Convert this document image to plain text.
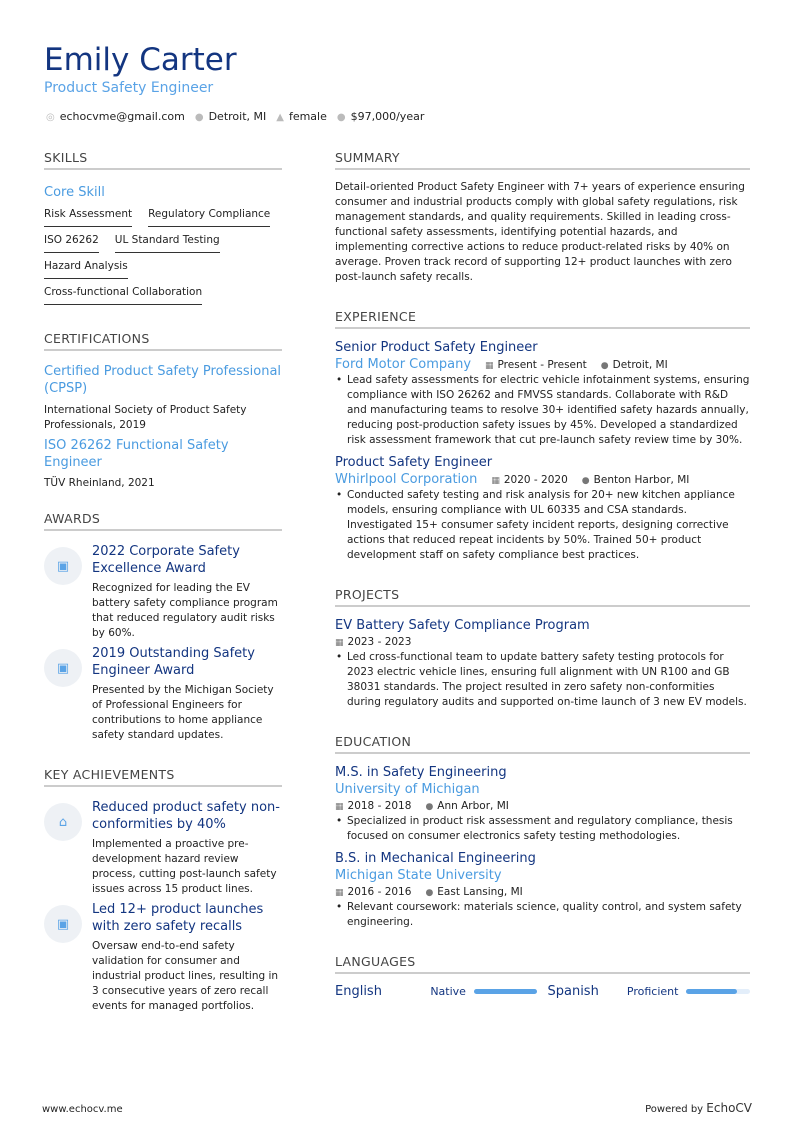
Emily Carter
Product Safety Engineer
◎ echocvme@gmail.com ● Detroit, MI ▲ female ● $97,000/year
SKILLS
Core Skill
Risk Assessment Regulatory Compliance
ISO 26262 UL Standard Testing
Hazard Analysis
Cross-functional Collaboration
CERTIFICATIONS
Certified Product Safety Professional (CPSP)
International Society of Product Safety Professionals, 2019
ISO 26262 Functional Safety Engineer
TÜV Rheinland, 2021
AWARDS
▣
2022 Corporate Safety Excellence Award
Recognized for leading the EV battery safety compliance program that reduced regulatory audit risks by 60%.
▣
2019 Outstanding Safety Engineer Award
Presented by the Michigan Society of Professional Engineers for contributions to home appliance safety standard updates.
KEY ACHIEVEMENTS
⌂
Reduced product safety non-conformities by 40%
Implemented a proactive pre-development hazard review process, cutting post-launch safety issues across 15 product lines.
▣
Led 12+ product launches with zero safety recalls
Oversaw end-to-end safety validation for consumer and industrial product lines, resulting in 3 consecutive years of zero recall events for managed portfolios.
SUMMARY
Detail-oriented Product Safety Engineer with 7+ years of experience ensuring consumer and industrial products comply with global safety regulations, risk management standards, and quality requirements. Skilled in leading cross-functional safety assessments, identifying potential hazards, and implementing corrective actions to reduce product-related risks by 40% on average. Proven track record of supporting 12+ product launches with zero post-launch safety recalls.
EXPERIENCE
Senior Product Safety Engineer
Ford Motor Company ▦ Present - Present ● Detroit, MI
• Lead safety assessments for electric vehicle infotainment systems, ensuring compliance with ISO 26262 and FMVSS standards. Collaborate with R&D and manufacturing teams to resolve 30+ identified safety hazards annually, reducing post-production safety issues by 45%. Developed a standardized risk assessment framework that cut pre-launch safety review time by 30%.
Product Safety Engineer
Whirlpool Corporation ▦ 2020 - 2020 ● Benton Harbor, MI
• Conducted safety testing and risk analysis for 20+ new kitchen appliance models, ensuring compliance with UL 60335 and CSA standards. Investigated 15+ consumer safety incident reports, designing corrective actions that reduced repeat incidents by 50%. Trained 50+ product development staff on safety compliance best practices.
PROJECTS
EV Battery Safety Compliance Program
▦ 2023 - 2023
• Led cross-functional team to update battery safety testing protocols for 2023 electric vehicle lines, ensuring full alignment with UN R100 and GB 38031 standards. The project resulted in zero safety non-conformities during regulatory audits and supported on-time launch of 3 new EV models.
EDUCATION
M.S. in Safety Engineering
University of Michigan
▦ 2018 - 2018 ● Ann Arbor, MI
• Specialized in product risk assessment and regulatory compliance, thesis focused on consumer electronics safety testing methodologies.
B.S. in Mechanical Engineering
Michigan State University
▦ 2016 - 2016 ● East Lansing, MI
• Relevant coursework: materials science, quality control, and system safety engineering.
LANGUAGES
English	Native	Spanish	Proficient
www.echocv.me	Powered by EchoCV
